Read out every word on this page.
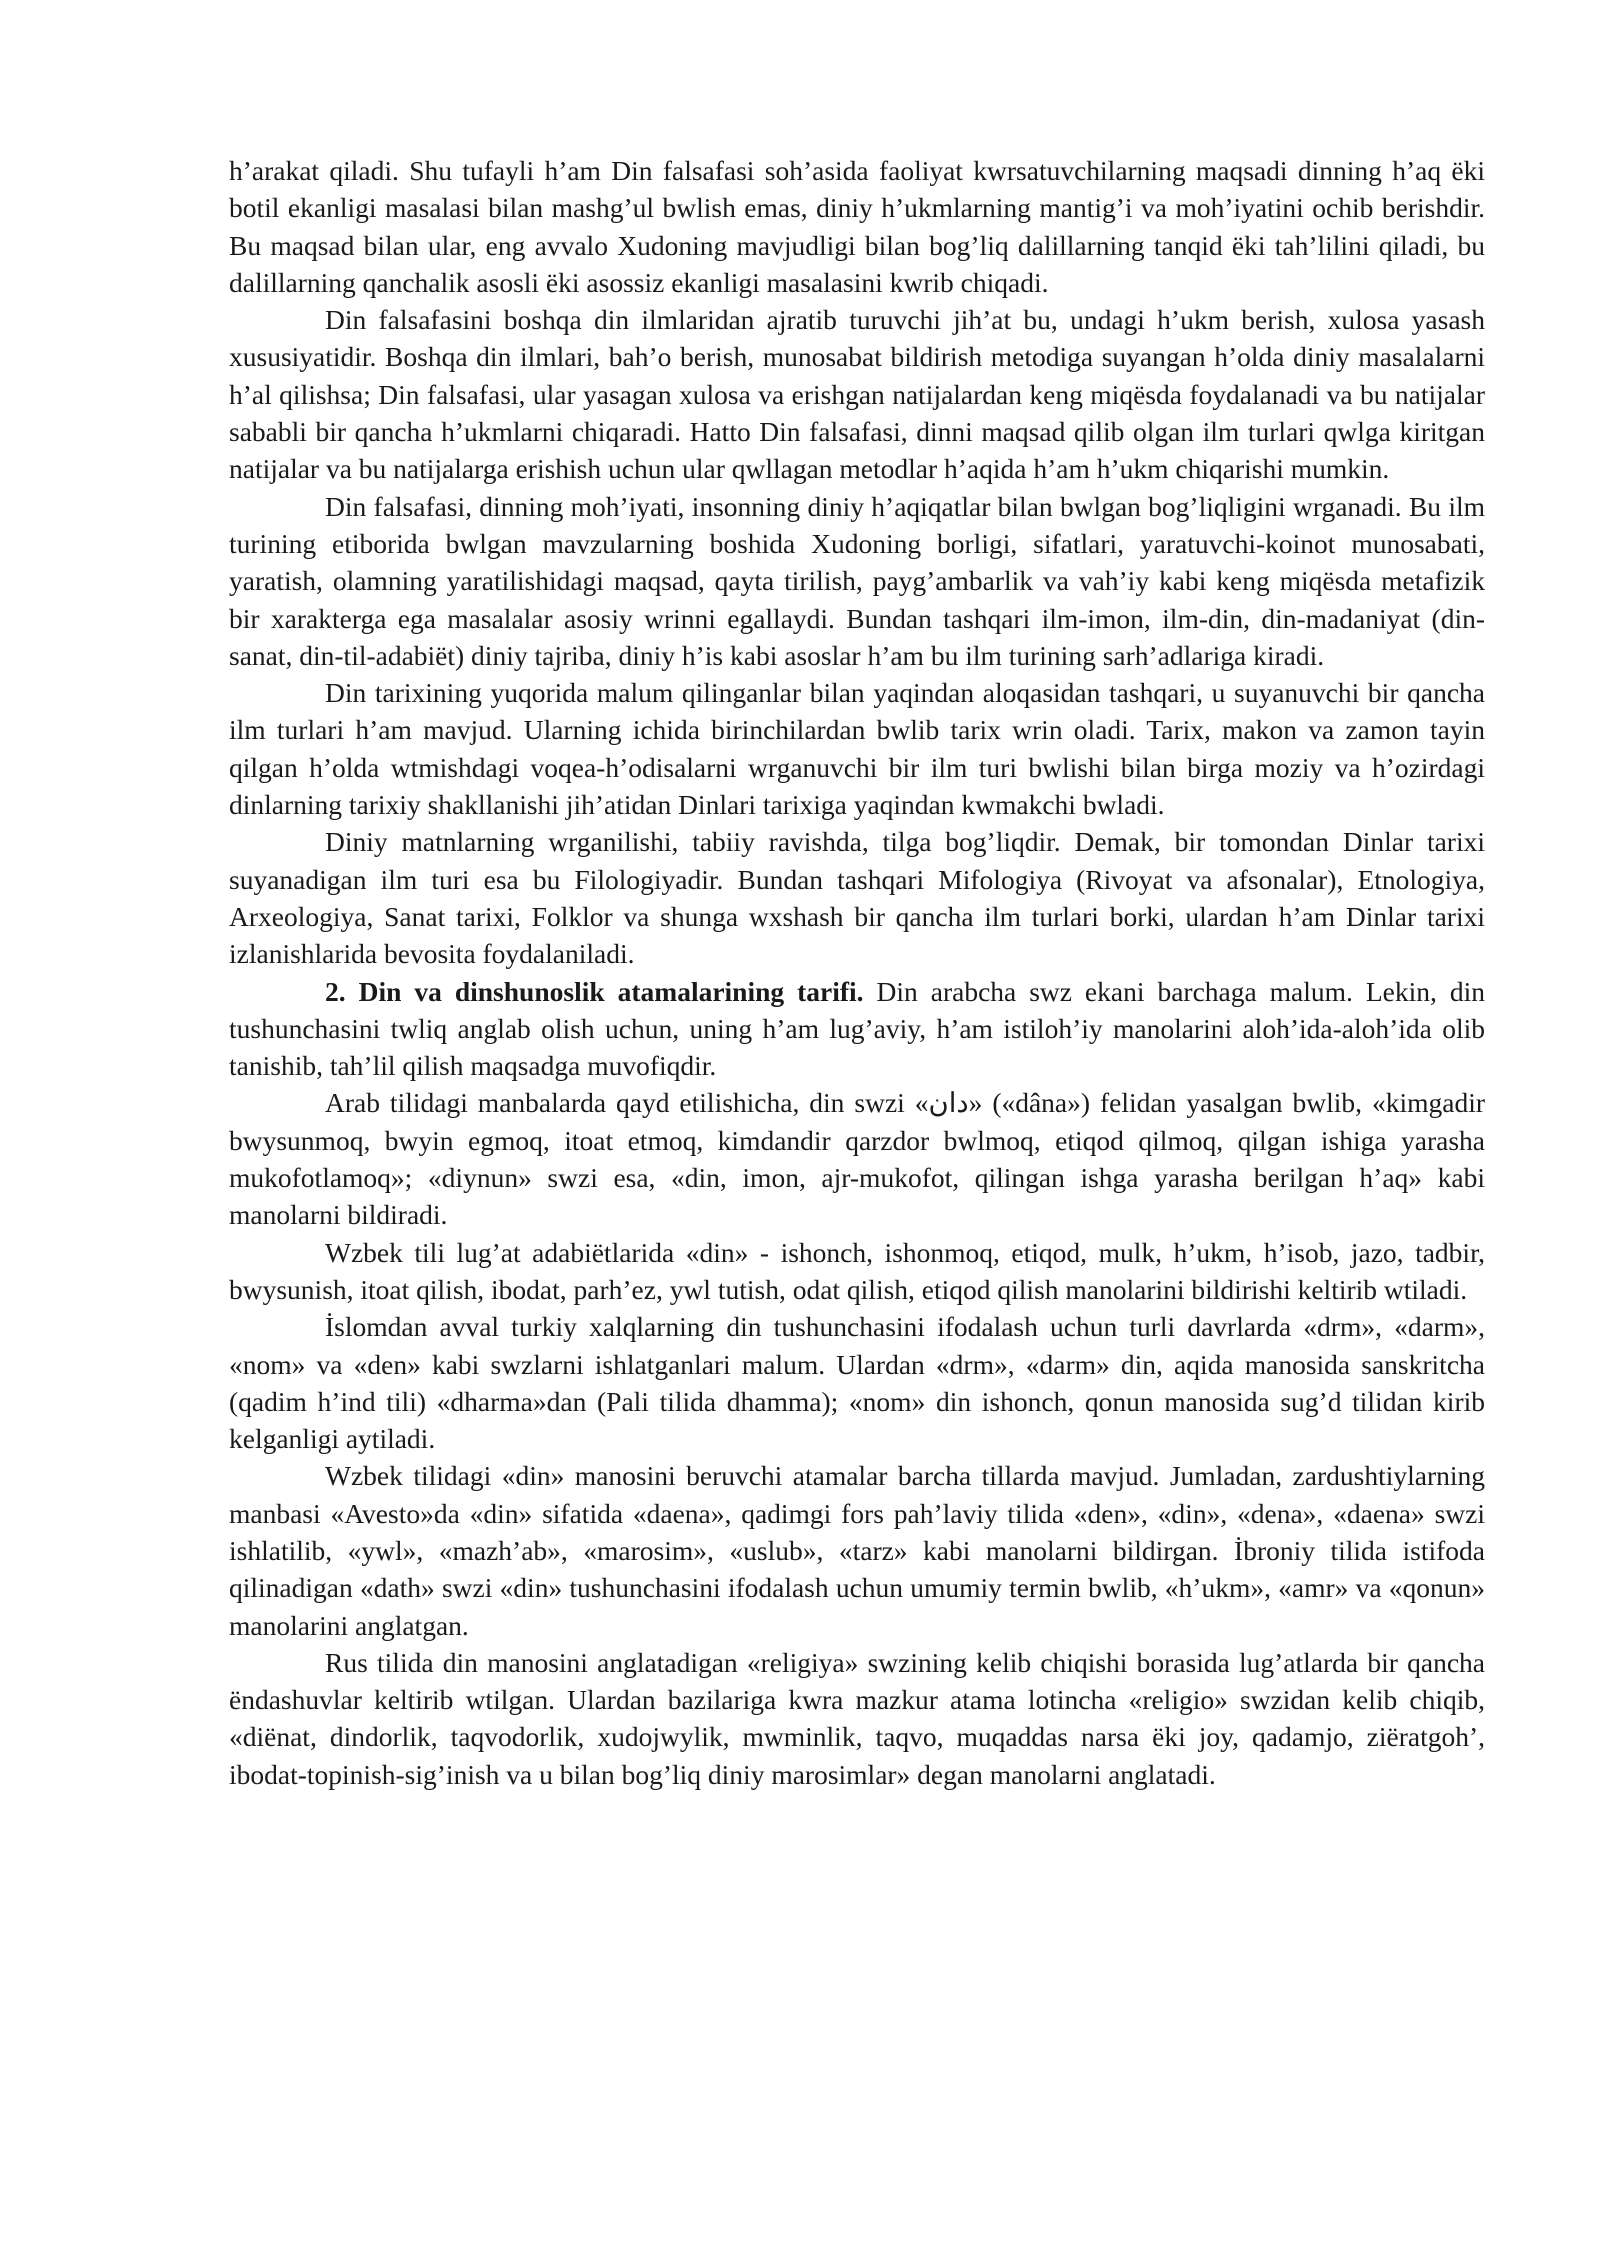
h’arakat qiladi. Shu tufayli h’am Din falsafasi soh’asida faoliyat kwrsatuvchilarning maqsadi dinning h’aq ëki botil ekanligi masalasi bilan mashg’ul bwlish emas, diniy h’ukmlarning mantig’i va moh’iyatini ochib berishdir. Bu maqsad bilan ular, eng avvalo Xudoning mavjudligi bilan bog’liq dalillarning tanqid ëki tah’lilini qiladi, bu dalillarning qanchalik asosli ëki asossiz ekanligi masalasini kwrib chiqadi.

Din falsafasini boshqa din ilmlaridan ajratib turuvchi jih’at bu, undagi h’ukm berish, xulosa yasash xususiyatidir. Boshqa din ilmlari, bah’o berish, munosabat bildirish metodiga suyangan h’olda diniy masalalarni h’al qilishsa; Din falsafasi, ular yasagan xulosa va erishgan natijalardan keng miqësda foydalanadi va bu natijalar sababli bir qancha h’ukmlarni chiqaradi. Hatto Din falsafasi, dinni maqsad qilib olgan ilm turlari qwlga kiritgan natijalar va bu natijalarga erishish uchun ular qwllagan metodlar h’aqida h’am h’ukm chiqarishi mumkin.

Din falsafasi, dinning moh’iyati, insonning diniy h’aqiqatlar bilan bwlgan bog’liqligini wrganadi. Bu ilm turining etiborida bwlgan mavzularning boshida Xudoning borligi, sifatlari, yaratuvchi-koinot munosabati, yaratish, olamning yaratilishidagi maqsad, qayta tirilish, payg’ambarlik va vah’iy kabi keng miqësda metafizik bir xarakterga ega masalalar asosiy wrinni egallaydi. Bundan tashqari ilm-imon, ilm-din, din-madaniyat (din-sanat, din-til-adabiët) diniy tajriba, diniy h’is kabi asoslar h’am bu ilm turining sarh’adlariga kiradi.

Din tarixining yuqorida malum qilinganlar bilan yaqindan aloqasidan tashqari, u suyanuvchi bir qancha ilm turlari h’am mavjud. Ularning ichida birinchilardan bwlib tarix wrin oladi. Tarix, makon va zamon tayin qilgan h’olda wtmishdagi voqea-h’odisalarni wrganuvchi bir ilm turi bwlishi bilan birga moziy va h’ozirdagi dinlarning tarixiy shakllanishi jih’atidan Dinlari tarixiga yaqindan kwmakchi bwladi.

Diniy matnlarning wrganilishi, tabiiy ravishda, tilga bog’liqdir. Demak, bir tomondan Dinlar tarixi suyanadigan ilm turi esa bu Filologiyadir. Bundan tashqari Mifologiya (Rivoyat va afsonalar), Etnologiya, Arxeologiya, Sanat tarixi, Folklor va shunga wxshash bir qancha ilm turlari borki, ulardan h’am Dinlar tarixi izlanishlarida bevosita foydalaniladi.

2. Din va dinshunoslik atamalarining tarifi. Din arabcha swz ekani barchaga malum. Lekin, din tushunchasini twliq anglab olish uchun, uning h’am lug’aviy, h’am istiloh’iy manolarini aloh’ida-aloh’ida olib tanishib, tah’lil qilish maqsadga muvofiqdir.

Arab tilidagi manbalarda qayd etilishicha, din swzi «دان» («dâna») felidan yasalgan bwlib, «kimgadir bwysunmoq, bwyin egmoq, itoat etmoq, kimdandir qarzdor bwlmoq, etiqod qilmoq, qilgan ishiga yarasha mukofotlamoq»; «diynun» swzi esa, «din, imon, ajr-mukofot, qilingan ishga yarasha berilgan h’aq» kabi manolarni bildiradi.

Wzbek tili lug’at adabiëtlarida «din» - ishonch, ishonmoq, etiqod, mulk, h’ukm, h’isob, jazo, tadbir, bwysunish, itoat qilish, ibodat, parh’ez, ywl tutish, odat qilish, etiqod qilish manolarini bildirishi keltirib wtiladi.

İslomdan avval turkiy xalqlarning din tushunchasini ifodalash uchun turli davrlarda «drm», «darm», «nom» va «den» kabi swzlarni ishlatganlari malum. Ulardan «drm», «darm» din, aqida manosida sanskritcha (qadim h’ind tili) «dharma»dan (Pali tilida dhamma); «nom» din ishonch, qonun manosida sug’d tilidan kirib kelganligi aytiladi.

Wzbek tilidagi «din» manosini beruvchi atamalar barcha tillarda mavjud. Jumladan, zardushtiylarning manbasi «Avesto»da «din» sifatida «daena», qadimgi fors pah’laviy tilida «den», «din», «dena», «daena» swzi ishlatilib, «ywl», «mazh’ab», «marosim», «uslub», «tarz» kabi manolarni bildirgan. İbroniy tilida istifoda qilinadigan «dath» swzi «din» tushunchasini ifodalash uchun umumiy termin bwlib, «h’ukm», «amr» va «qonun» manolarini anglatgan.

Rus tilida din manosini anglatadigan «religiya» swzining kelib chiqishi borasida lug’atlarda bir qancha ëndashuvlar keltirib wtilgan. Ulardan bazilariga kwra mazkur atama lotincha «religio» swzidan kelib chiqib, «diënat, dindorlik, taqvodorlik, xudojwylik, mwminlik, taqvo, muqaddas narsa ëki joy, qadamjo, ziëratgoh’, ibodat-topinish-sig’inish va u bilan bog’liq diniy marosimlar» degan manolarni anglatadi.
